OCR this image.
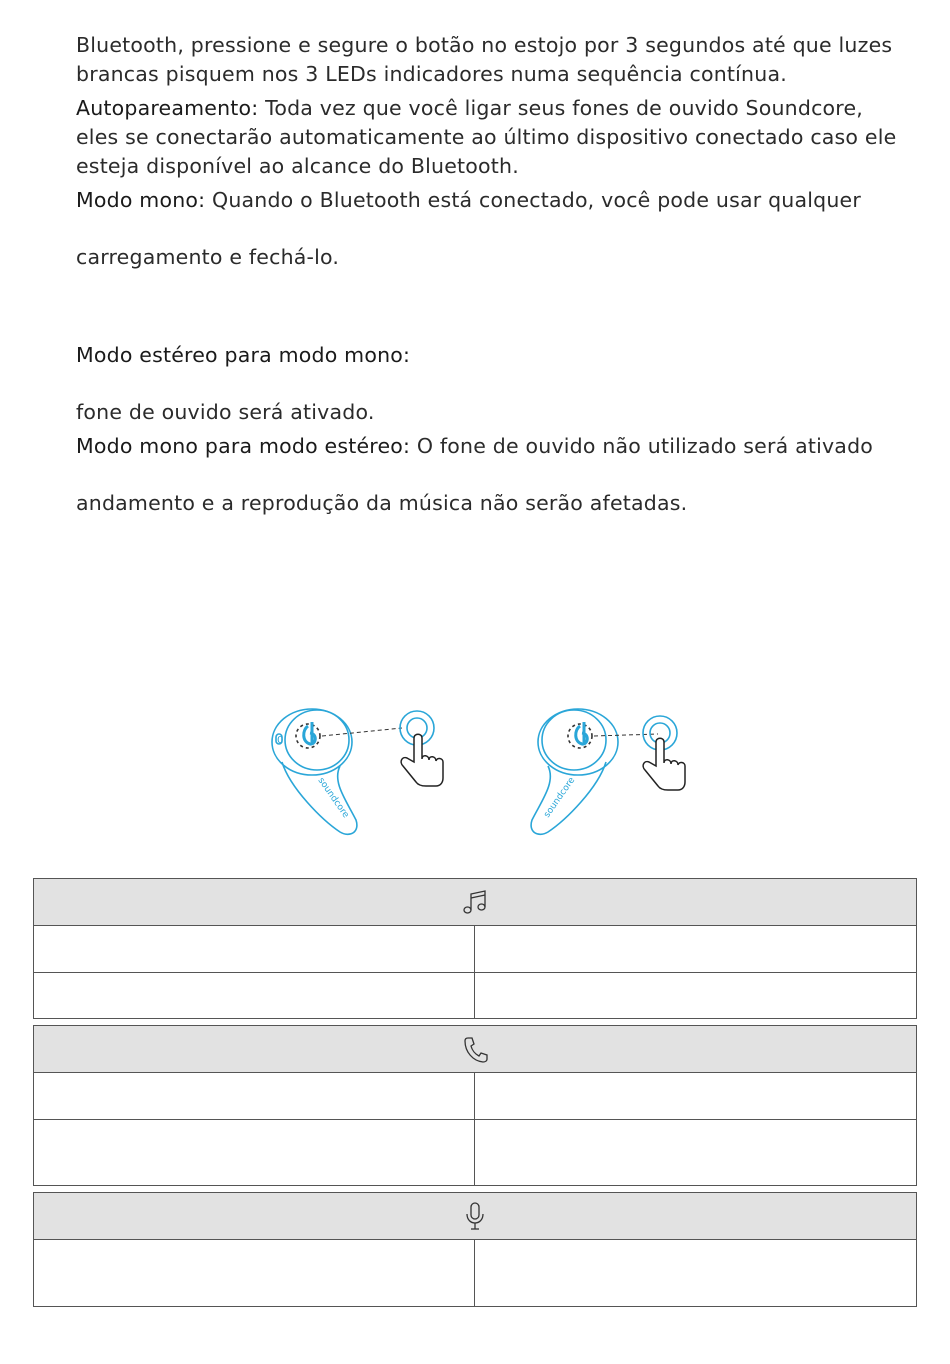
Bluetooth, pressione e segure o botão no estojo por 3 segundos até que luzes
brancas pisquem nos 3 LEDs indicadores numa sequência contínua.

Autopareamento: Toda vez que você ligar seus fones de ouvido Soundcore,
eles se conectarão automaticamente ao último dispositivo conectado caso ele
esteja disponível ao alcance do Bluetooth.

Modo mono: Quando o Bluetooth está conectado, você pode usar qualquer

carregamento e fechá-lo.

Modo estéreo para modo mono:

fone de ouvido será ativado.

Modo mono para modo estéreo: O fone de ouvido não utilizado será ativado

andamento e a reprodução da música não serão afetadas.

0
soundcore	soundcore
